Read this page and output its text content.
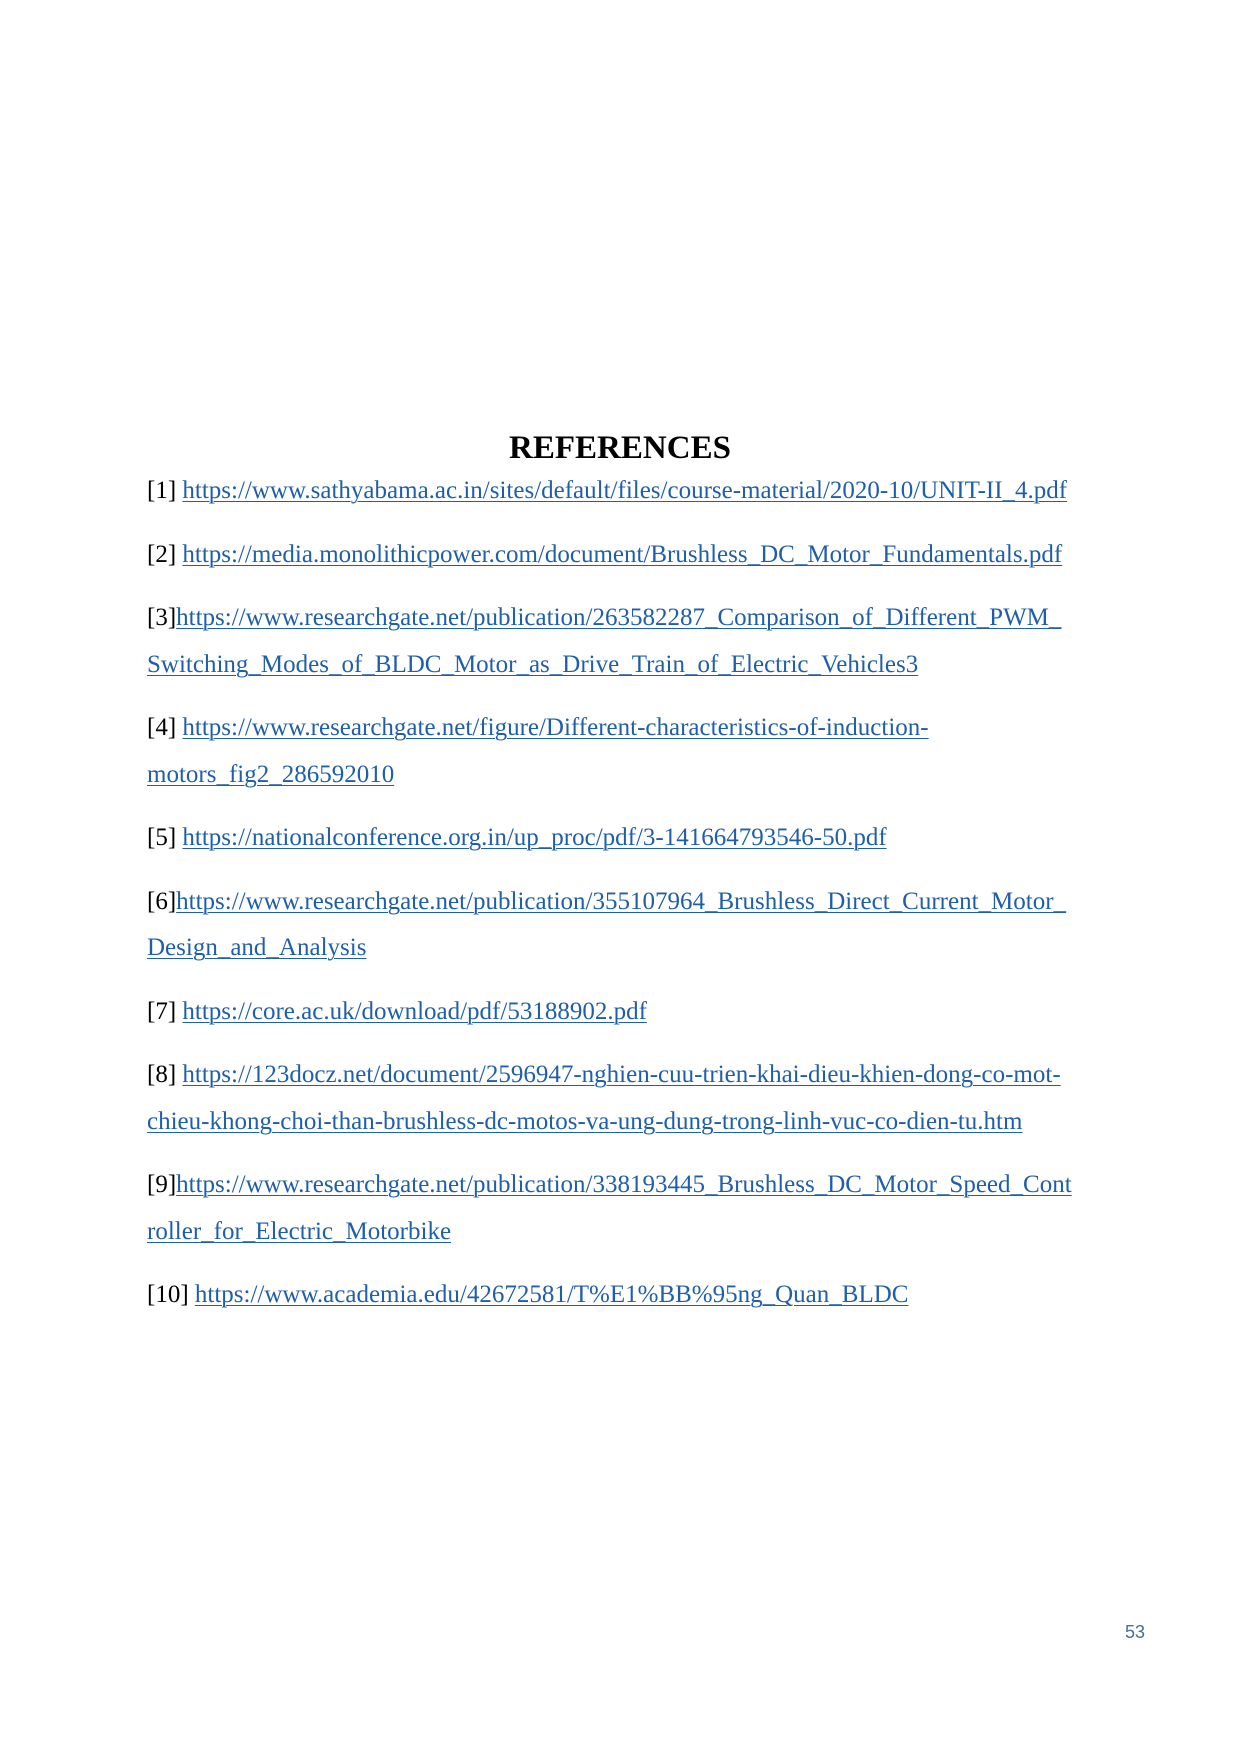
REFERENCES

[1] https://www.sathyabama.ac.in/sites/default/files/course-material/2020-10/UNIT-II_4.pdf

[2] https://media.monolithicpower.com/document/Brushless_DC_Motor_Fundamentals.pdf

[3]https://www.researchgate.net/publication/263582287_Comparison_of_Different_PWM_
Switching_Modes_of_BLDC_Motor_as_Drive_Train_of_Electric_Vehicles3

[4] https://www.researchgate.net/figure/Different-characteristics-of-induction-
motors_fig2_286592010

[5] https://nationalconference.org.in/up_proc/pdf/3-141664793546-50.pdf

[6]https://www.researchgate.net/publication/355107964_Brushless_Direct_Current_Motor_
Design_and_Analysis

[7] https://core.ac.uk/download/pdf/53188902.pdf

[8] https://123docz.net/document/2596947-nghien-cuu-trien-khai-dieu-khien-dong-co-mot-
chieu-khong-choi-than-brushless-dc-motos-va-ung-dung-trong-linh-vuc-co-dien-tu.htm

[9]https://www.researchgate.net/publication/338193445_Brushless_DC_Motor_Speed_Cont
roller_for_Electric_Motorbike

[10] https://www.academia.edu/42672581/T%E1%BB%95ng_Quan_BLDC

53
